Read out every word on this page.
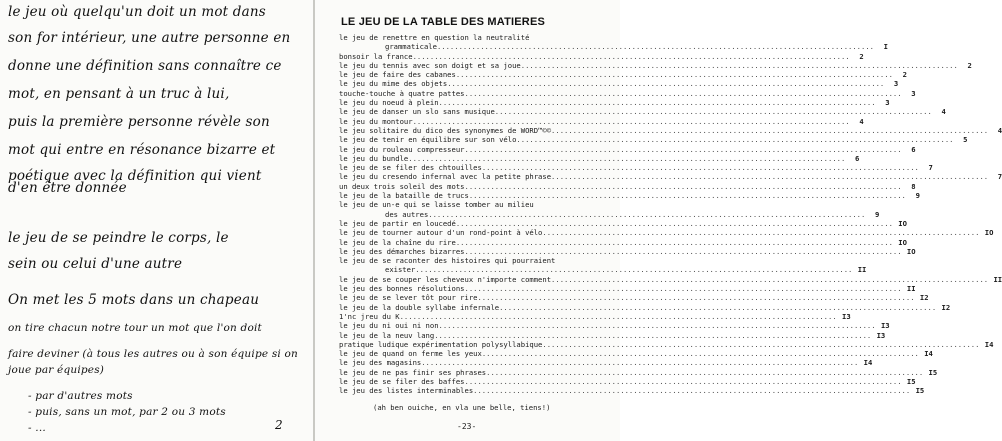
le jeu où quelqu'un doit un mot dans
son for intérieur, une autre personne en
donne une définition sans connaître ce
mot, en pensant à un truc à lui,
puis la première personne révèle son
mot qui entre en résonance bizarre et
poétique avec la définition qui vient
d'en être donnée
le jeu de se peindre le corps, le
sein ou celui d'une autre
On met les 5 mots dans un chapeau
on tire chacun notre tour un mot que l'on doit
faire deviner (à tous les autres ou à son équipe si on
joue par équipes)
- par d'autres mots
- puis, sans un mot, par 2 ou 3 mots
- ...	2
LE JEU DE LA TABLE DES MATIERES
le jeu de renettre en question la neutralité
grammaticale .....	I
bonsoir la france .....	2
le jeu du tennis avec son doigt et sa joue .....	2
le jeu de faire des cabanes .....	2
le jeu du mime des objets .....	3
touche-touche à quatre pattes .....	3
le jeu du noeud à plein .....	3
le jeu de danser un slo sans musique .....	4
le jeu du montour .....	4
le jeu solitaire du dico des synonymes de WORD™©© .....	4
le jeu de tenir en équilibre sur son vélo .....	5
le jeu du rouleau compresseur .....	6
le jeu du bundle .....	6
le jeu de se filer des chtouilles .....	7
le jeu du cresendo infernal avec la petite phrase .....	7
un deux trois soleil des mots .....	8
le jeu de la bataille de trucs .....	9
le jeu de un-e qui se laisse tomber au milieu
des autres .....	9
le jeu de partir en loucedé .....	IO
le jeu de tourner autour d'un rond-point à vélo .....	IO
le jeu de la chaîne du rire .....	IO
le jeu des démarches bizarres .....	IO
le jeu de se raconter des histoires qui pourraient
exister .....	II
le jeu de se couper les cheveux n'importe comment .....	II
le jeu des bonnes résolutions .....	II
le jeu de se lever tôt pour rire .....	I2
le jeu de la double syllabe infernale .....	I2
1'nc jreu du K .....	I3
le jeu du ni oui ni non .....	I3
le jeu de la neuv lang .....	I3
pratique ludique expérimentation polysyllabique .....	I4
le jeu de quand on ferme les yeux .....	I4
le jeu des magasins .....	I4
le jeu de ne pas finir ses phrases .....	I5
le jeu de se filer des baffes .....	I5
le jeu des listes interminables .....	I5
(ah ben ouiche, en vla une belle, tiens!)
-23-
